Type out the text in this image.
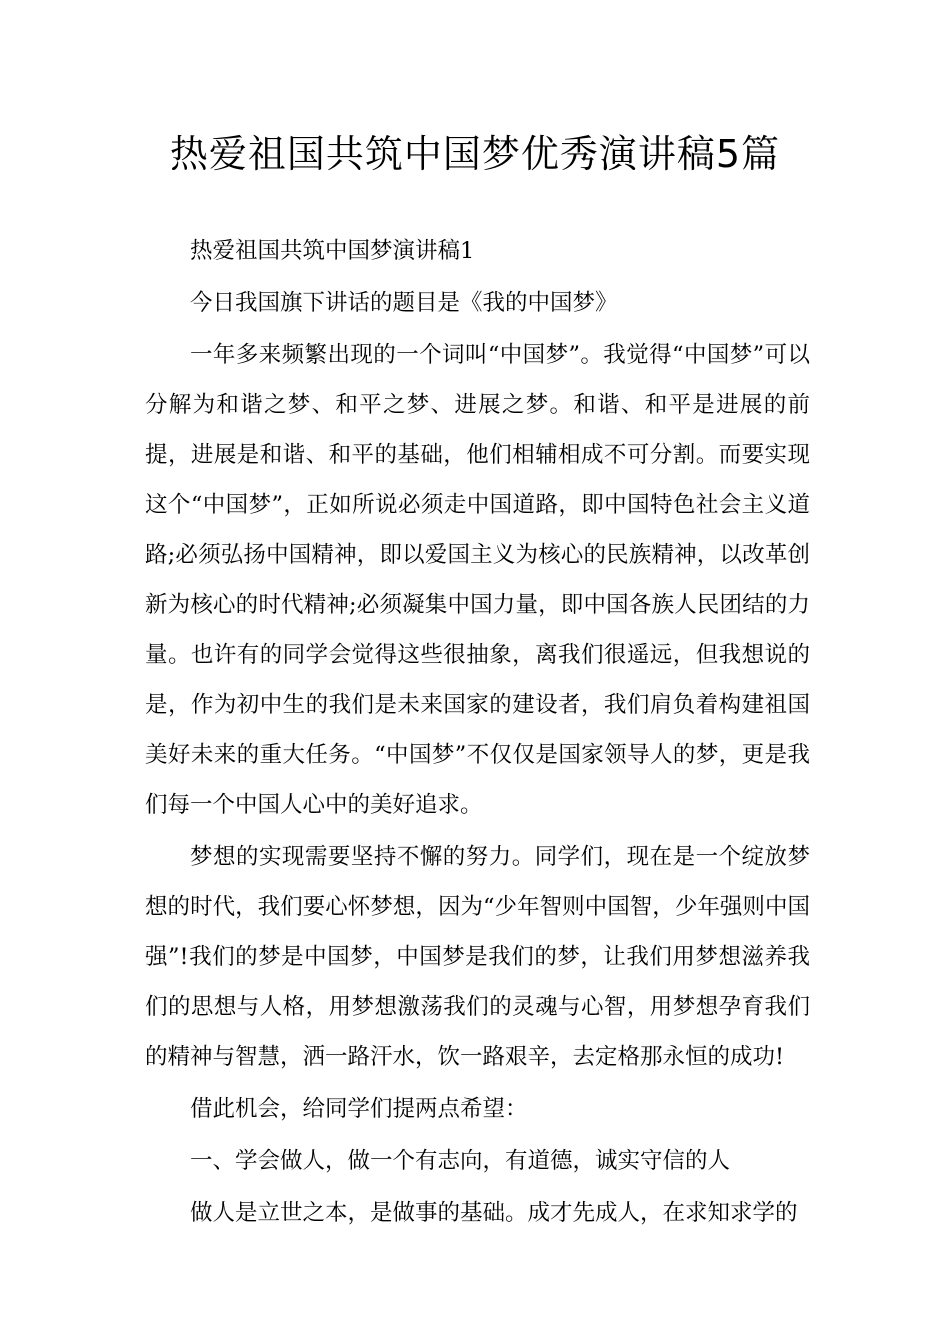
热爱祖国共筑中国梦优秀演讲稿5篇

热爱祖国共筑中国梦演讲稿1

今日我国旗下讲话的题目是《我的中国梦》

一年多来频繁出现的一个词叫“中国梦”。我觉得“中国梦”可以分解为和谐之梦、和平之梦、进展之梦。和谐、和平是进展的前提，进展是和谐、和平的基础，他们相辅相成不可分割。而要实现这个“中国梦”，正如所说必须走中国道路，即中国特色社会主义道路;必须弘扬中国精神，即以爱国主义为核心的民族精神，以改革创新为核心的时代精神;必须凝集中国力量，即中国各族人民团结的力量。也许有的同学会觉得这些很抽象，离我们很遥远，但我想说的是，作为初中生的我们是未来国家的建设者，我们肩负着构建祖国美好未来的重大任务。“中国梦”不仅仅是国家领导人的梦，更是我们每一个中国人心中的美好追求。

梦想的实现需要坚持不懈的努力。同学们，现在是一个绽放梦想的时代，我们要心怀梦想，因为“少年智则中国智，少年强则中国强”!我们的梦是中国梦，中国梦是我们的梦，让我们用梦想滋养我们的思想与人格，用梦想激荡我们的灵魂与心智，用梦想孕育我们的精神与智慧，洒一路汗水，饮一路艰辛，去定格那永恒的成功!

借此机会，给同学们提两点希望：

一、学会做人，做一个有志向，有道德，诚实守信的人

做人是立世之本，是做事的基础。成才先成人，在求知求学的
